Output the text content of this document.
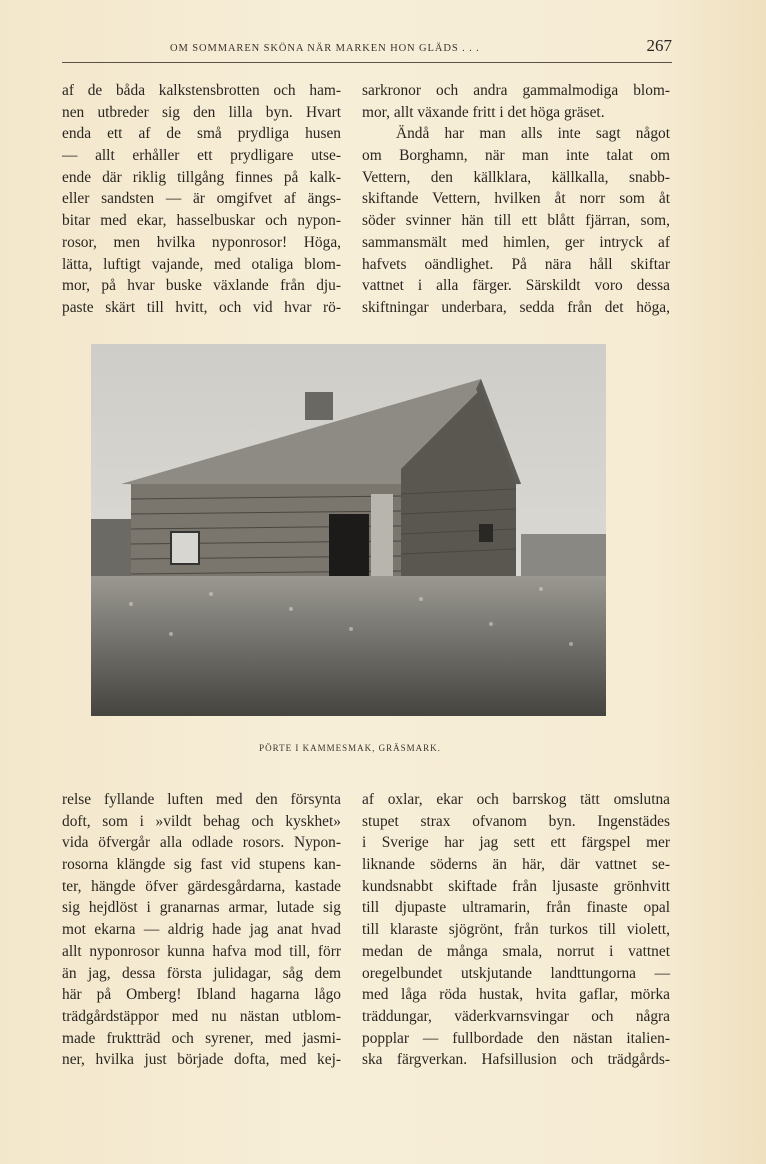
OM SOMMAREN SKÖNA NÄR MARKEN HON GLÄDS . . .	267
af de båda kalkstensbrotten och ham-
nen utbreder sig den lilla byn. Hvart
enda ett af de små prydliga husen
— allt erhåller ett prydligare utse-
ende där riklig tillgång finnes på kalk-
eller sandsten — är omgifvet af ängs-
bitar med ekar, hasselbuskar och nypon-
rosor, men hvilka nyponrosor! Höga,
lätta, luftigt vajande, med otaliga blom-
mor, på hvar buske växlande från dju-
paste skärt till hvitt, och vid hvar rö-
sarkronor och andra gammalmodiga blom-
mor, allt växande fritt i det höga gräset.
Ändå har man alls inte sagt något
om Borghamn, när man inte talat om
Vettern, den källklara, källkalla, snabb-
skiftande Vettern, hvilken åt norr som åt
söder svinner hän till ett blått fjärran, som,
sammansmält med himlen, ger intryck af
hafvets oändlighet. På nära håll skiftar
vattnet i alla färger. Särskildt voro dessa
skiftningar underbara, sedda från det höga,
PÖRTE I KAMMESMAK, GRÄSMARK.
relse fyllande luften med den försynta
doft, som i »vildt behag och kyskhet»
vida öfvergår alla odlade rosors. Nypon-
rosorna klängde sig fast vid stupens kan-
ter, hängde öfver gärdesgårdarna, kastade
sig hejdlöst i granarnas armar, lutade sig
mot ekarna — aldrig hade jag anat hvad
allt nyponrosor kunna hafva mod till, förr
än jag, dessa första julidagar, såg dem
här på Omberg! Ibland hagarna lågo
trädgårdstäppor med nu nästan utblom-
made fruktträd och syrener, med jasmi-
ner, hvilka just började dofta, med kej-
af oxlar, ekar och barrskog tätt omslutna
stupet strax ofvanom byn. Ingenstädes
i Sverige har jag sett ett färgspel mer
liknande söderns än här, där vattnet se-
kundsnabbt skiftade från ljusaste grönhvitt
till djupaste ultramarin, från finaste opal
till klaraste sjögrönt, från turkos till violett,
medan de många smala, norrut i vattnet
oregelbundet utskjutande landttungorna —
med låga röda hustak, hvita gaflar, mörka
träddungar, väderkvarnsvingar och några
popplar — fullbordade den nästan italien-
ska färgverkan. Hafsillusion och trädgårds-
